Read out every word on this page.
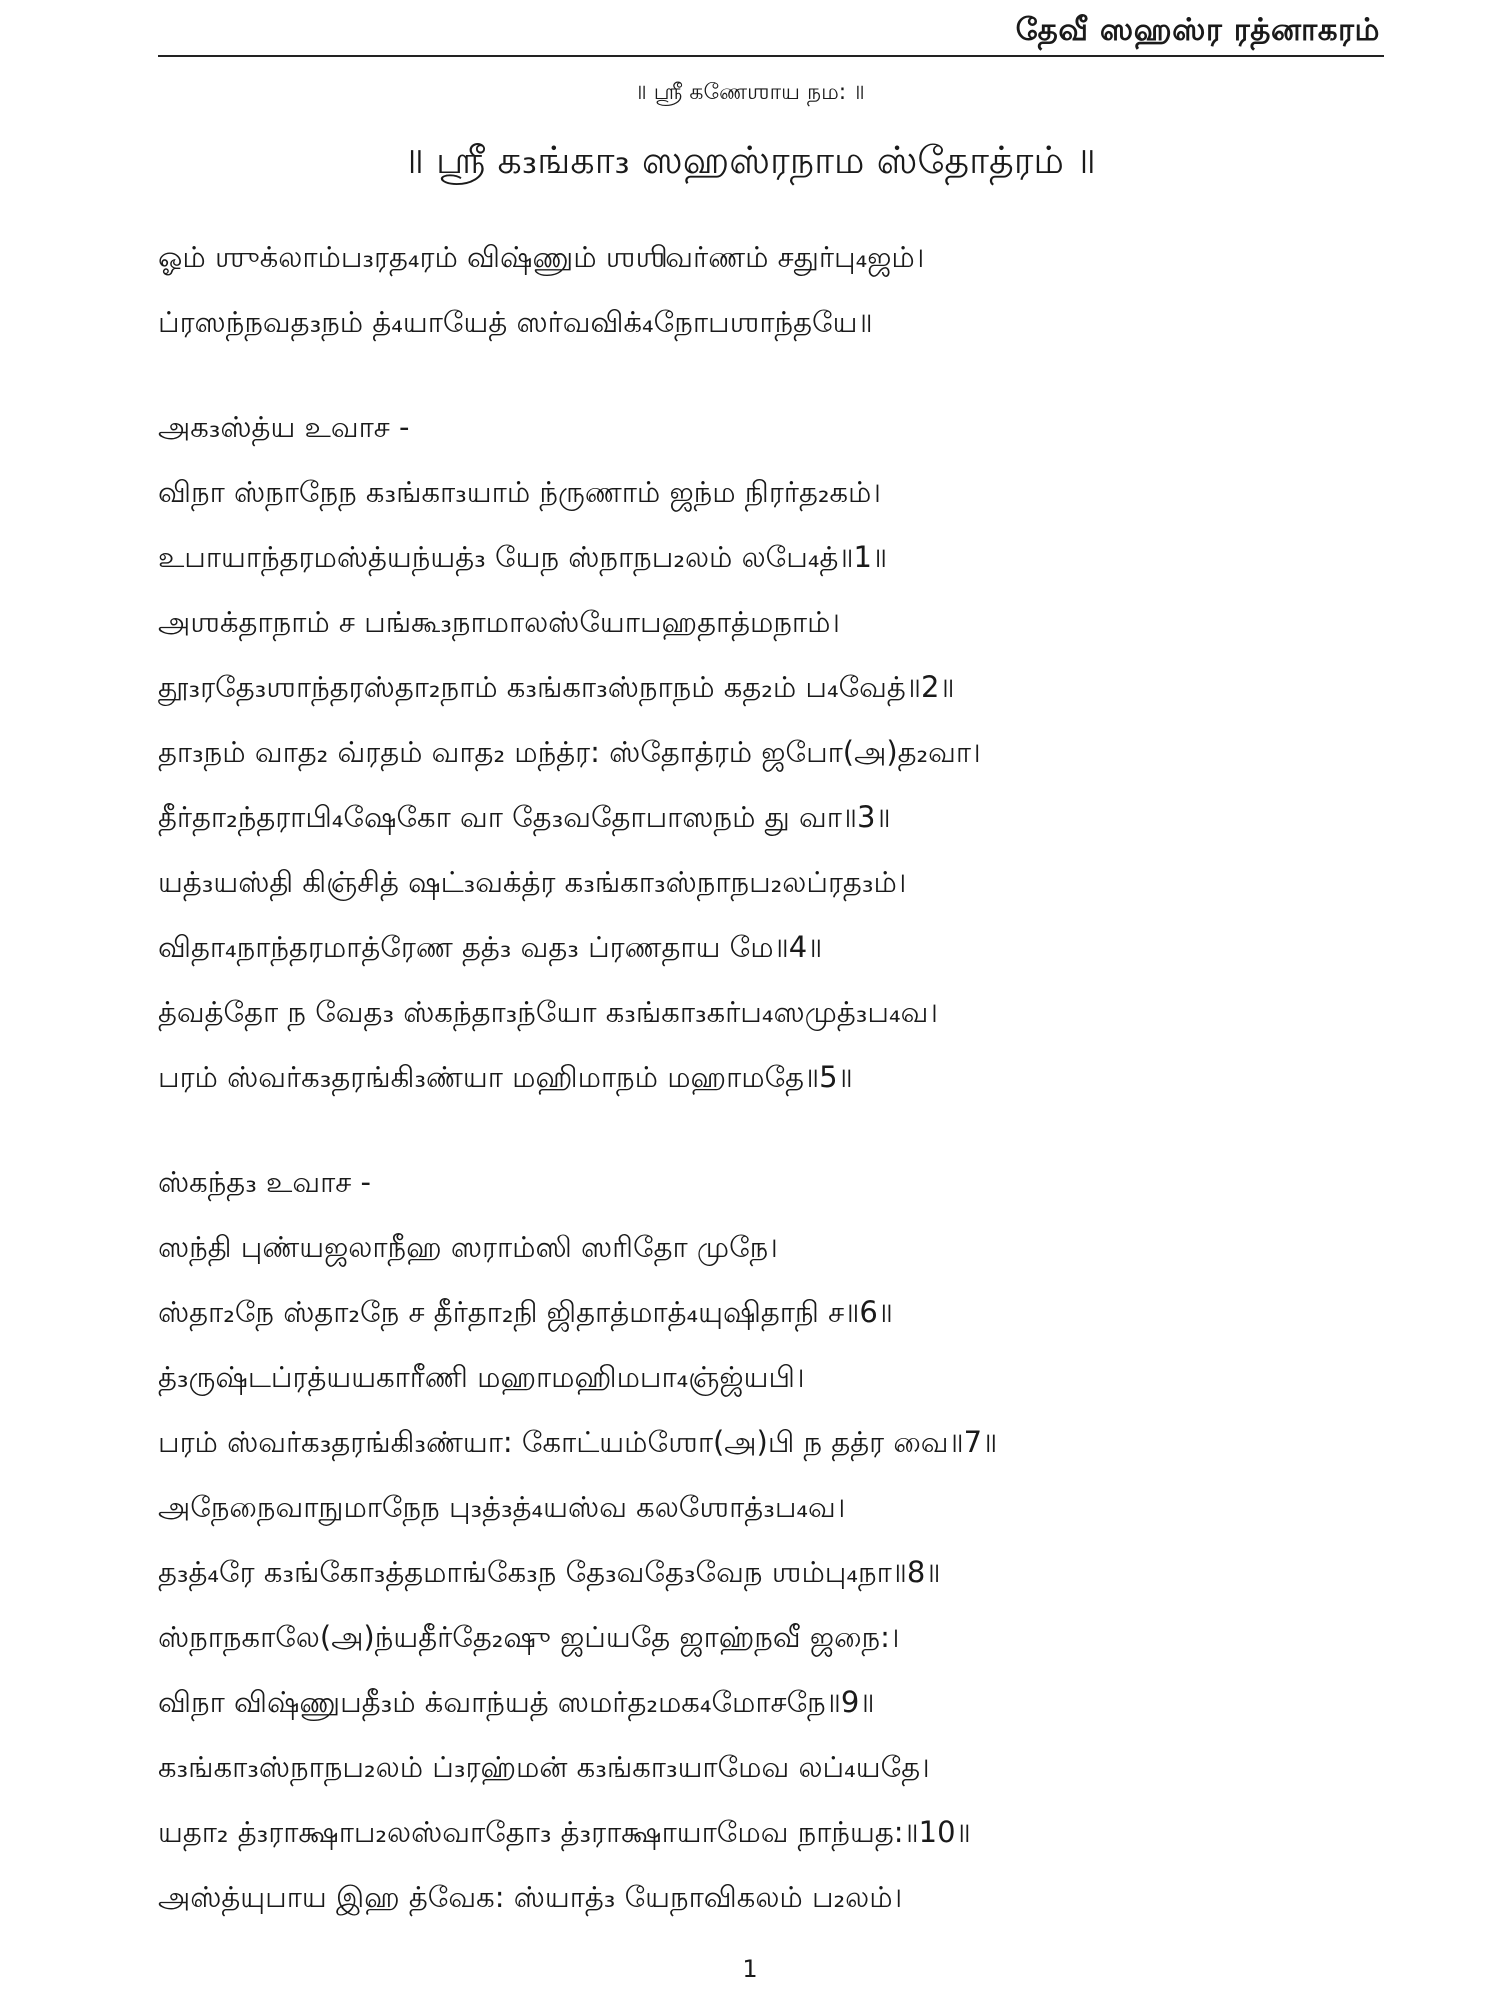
தேவீ ஸஹஸ்ர ரத்னாகரம்
॥ ஸ்ரீ கணேஶாய நம: ॥
॥ ஸ்ரீ க₃ங்கா₃ ஸஹஸ்ரநாம ஸ்தோத்ரம் ॥
ஓம் ஶுக்லாம்ப₃ரத₄ரம் விஷ்ணும் ஶஶிவர்ணம் சதுர்பு₄ஜம்।
ப்ரஸந்நவத₃நம் த்₄யாயேத் ஸர்வவிக்₄நோபஶாந்தயே॥
அக₃ஸ்த்ய உவாச -
விநா ஸ்நாநேந க₃ங்கா₃யாம் ந்ருணாம் ஜந்ம நிரர்த₂கம்।
உபாயாந்தரமஸ்த்யந்யத்₃ யேந ஸ்நாநப₂லம் லபே₄த்॥1॥
அஶக்தாநாம் ச பங்கூ₃நாமாலஸ்யோபஹதாத்மநாம்।
தூ₃ரதே₃ஶாந்தரஸ்தா₂நாம் க₃ங்கா₃ஸ்நாநம் கத₂ம் ப₄வேத்॥2॥
தா₃நம் வாத₂ வ்ரதம் வாத₂ மந்த்ர: ஸ்தோத்ரம் ஜபோ(அ)த₂வா।
தீர்தா₂ந்தராபி₄ஷேகோ வா தே₃வதோபாஸநம் து வா॥3॥
யத்₃யஸ்தி கிஞ்சித் ஷட்₃வக்த்ர க₃ங்கா₃ஸ்நாநப₂லப்ரத₃ம்।
விதா₄நாந்தரமாத்ரேண தத்₃ வத₃ ப்ரணதாய மே॥4॥
த்வத்தோ ந வேத₃ ஸ்கந்தா₃ந்யோ க₃ங்கா₃கர்ப₄ஸமுத்₃ப₄வ।
பரம் ஸ்வர்க₃தரங்கி₃ண்யா மஹிமாநம் மஹாமதே॥5॥
ஸ்கந்த₃ உவாச -
ஸந்தி புண்யஜலாநீஹ ஸராம்ஸி ஸரிதோ முநே।
ஸ்தா₂நே ஸ்தா₂நே ச தீர்தா₂நி ஜிதாத்மாத்₄யுஷிதாநி ச॥6॥
த்₃ருஷ்டப்ரத்யயகாரீணி மஹாமஹிமபா₄ஞ்ஜ்யபி।
பரம் ஸ்வர்க₃தரங்கி₃ண்யா: கோட்யம்ஶோ(அ)பி ந தத்ர வை॥7॥
அநேநைவாநுமாநேந பு₃த்₃த்₄யஸ்வ கலஶோத்₃ப₄வ।
த₃த்₄ரே க₃ங்கோ₃த்தமாங்கே₃ந தே₃வதே₃வேந ஶம்பு₄நா॥8॥
ஸ்நாநகாலே(அ)ந்யதீர்தே₂ஷு ஜப்யதே ஜாஹ்நவீ ஜநை:।
விநா விஷ்ணுபதீ₃ம் க்வாந்யத் ஸமர்த₂மக₄மோசநே॥9॥
க₃ங்கா₃ஸ்நாநப₂லம் ப்₃ரஹ்மன் க₃ங்கா₃யாமேவ லப்₄யதே।
யதா₂ த்₃ராக்ஷாப₂லஸ்வாதோ₃ த்₃ராக்ஷாயாமேவ நாந்யத:॥10॥
அஸ்த்யுபாய இஹ த்வேக: ஸ்யாத்₃ யேநாவிகலம் ப₂லம்।
1
